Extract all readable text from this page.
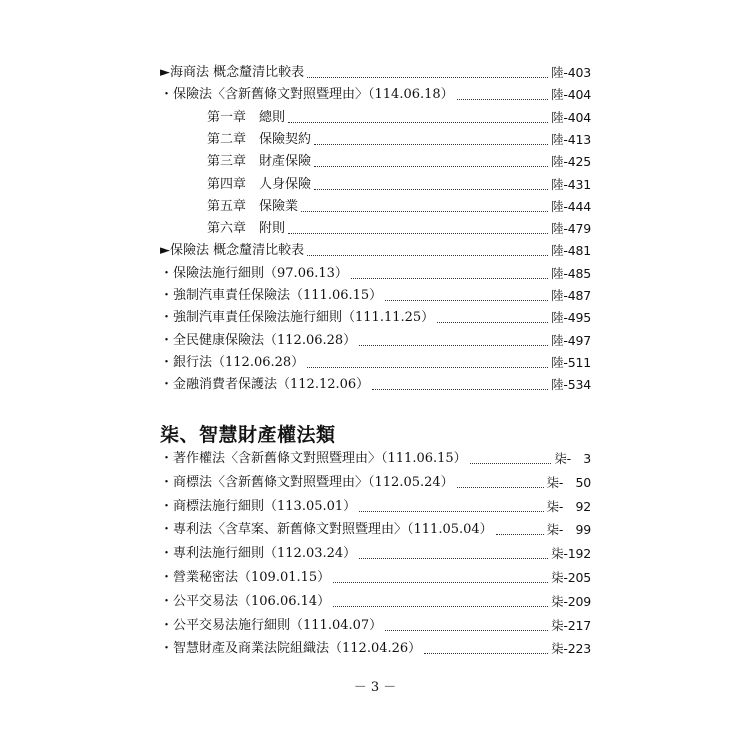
► 海商法 概念釐清比較表	陸-403
・ 保險法〈含新舊條文對照暨理由〉（114.06.18）	陸-404
第一章　總則	陸-404
第二章　保險契約	陸-413
第三章　財產保險	陸-425
第四章　人身保險	陸-431
第五章　保險業	陸-444
第六章　附則	陸-479
► 保險法 概念釐清比較表	陸-481
・ 保險法施行細則（97.06.13）	陸-485
・ 強制汽車責任保險法（111.06.15）	陸-487
・ 強制汽車責任保險法施行細則（111.11.25）	陸-495
・ 全民健康保險法（112.06.28）	陸-497
・ 銀行法（112.06.28）	陸-511
・ 金融消費者保護法（112.12.06）	陸-534
柒、智慧財產權法類
・ 著作權法〈含新舊條文對照暨理由〉（111.06.15）	柒-　3
・ 商標法〈含新舊條文對照暨理由〉（112.05.24）	柒-　50
・ 商標法施行細則（113.05.01）	柒-　92
・ 專利法〈含草案、新舊條文對照暨理由〉（111.05.04）	柒-　99
・ 專利法施行細則（112.03.24）	柒-192
・ 營業秘密法（109.01.15）	柒-205
・ 公平交易法（106.06.14）	柒-209
・ 公平交易法施行細則（111.04.07）	柒-217
・ 智慧財產及商業法院組織法（112.04.26）	柒-223
－ 3 －
